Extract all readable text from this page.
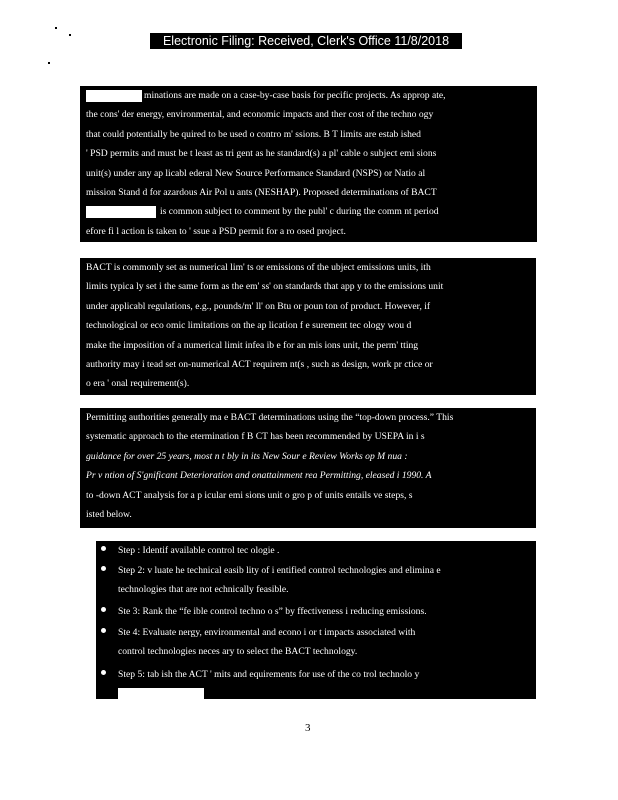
Electronic Filing: Received, Clerk's Office 11/8/2018
minations are made on a case-by-case basis for pecific projects. As approp ate,
the cons' der energy, environmental, and economic impacts and ther cost of the techno ogy
that could potentially be quired to be used o contro m' ssions. B T limits are estab ished
' PSD permits and must be t least as tri gent as he standard(s) a pl' cable o subject emi sions
unit(s) under any ap licabl ederal New Source Performance Standard (NSPS) or Natio al
mission Stand d for azardous Air Pol u ants (NESHAP). Proposed determinations of BACT
is common subject to comment by the publ' c during the comm nt period
efore fi l action is taken to ' ssue a PSD permit for a ro osed project.
BACT is commonly set as numerical lim' ts or emissions of the ubject emissions units, ith
limits typica ly set i the same form as the em' ss' on standards that app y to the emissions unit
under applicabl regulations, e.g., pounds/m' ll' on Btu or poun ton of product. However, if
technological or eco omic limitations on the ap lication f e surement tec ology wou d
make the imposition of a numerical limit infea ib e for an mis ions unit, the perm' tting
authority may i tead set on-numerical ACT requirem nt(s , such as design, work pr ctice or
o era ' onal requirement(s).
Permitting authorities generally ma e BACT determinations using the “top-down process.” This
systematic approach to the etermination f B CT has been recommended by USEPA in i s
guidance for over 25 years, most n t bly in its New Sour e Review Works op M nua :
Pr v ntion of S'gnificant Deterioration and onattainment rea Permitting, eleased i 1990. A
to -down ACT analysis for a p icular emi sions unit o gro p of units entails ve steps, s
isted below.
Step : Identif available control tec ologie .
Step 2: v luate he technical easib lity of i entified control technologies and elimina e
technologies that are not echnically feasible.
Ste 3: Rank the “fe ible control techno o s” by ffectiveness i reducing emissions.
Ste 4: Evaluate nergy, environmental and econo i or t impacts associated with
control technologies neces ary to select the BACT technology.
Step 5: tab ish the ACT ' mits and equirements for use of the co trol technolo y
3
